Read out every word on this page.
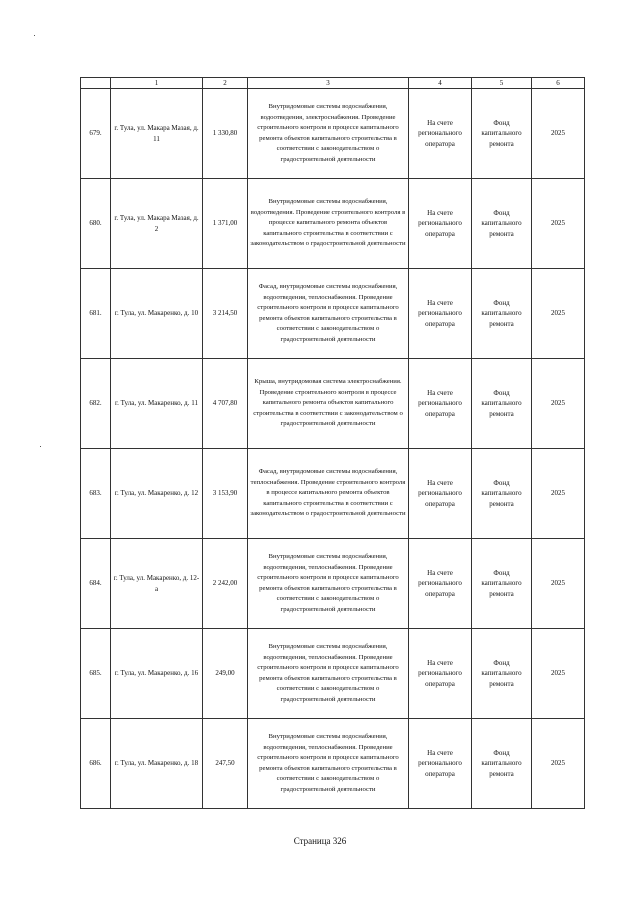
	1	2	3	4	5	6
679.	г. Тула, ул. Макара Мазая, д. 11	1 330,80	Внутридомовые системы водоснабжения, водоотведения, электроснабжения. Проведение строительного контроля в процессе капитального ремонта объектов капитального строительства в соответствии с законодательством о градостроительной деятельности	На счете регионального оператора	Фонд капитального ремонта	2025
680.	г. Тула, ул. Макара Мазая, д. 2	1 371,00	Внутридомовые системы водоснабжения, водоотведения. Проведение строительного контроля в процессе капитального ремонта объектов капитального строительства в соответствии с законодательством о градостроительной деятельности	На счете регионального оператора	Фонд капитального ремонта	2025
681.	г. Тула, ул. Макаренко, д. 10	3 214,50	Фасад, внутридомовые системы водоснабжения, водоотведения, теплоснабжения. Проведение строительного контроля в процессе капитального ремонта объектов капитального строительства в соответствии с законодательством о градостроительной деятельности	На счете регионального оператора	Фонд капитального ремонта	2025
682.	г. Тула, ул. Макаренко, д. 11	4 707,80	Крыша, внутридомовая система электроснабжения. Проведение строительного контроля в процессе капитального ремонта объектов капитального строительства в соответствии с законодательством о градостроительной деятельности	На счете регионального оператора	Фонд капитального ремонта	2025
683.	г. Тула, ул. Макаренко, д. 12	3 153,90	Фасад, внутридомовые системы водоснабжения, теплоснабжения. Проведение строительного контроля в процессе капитального ремонта объектов капитального строительства в соответствии с законодательством о градостроительной деятельности	На счете регионального оператора	Фонд капитального ремонта	2025
684.	г. Тула, ул. Макаренко, д. 12-а	2 242,00	Внутридомовые системы водоснабжения, водоотведения, теплоснабжения. Проведение строительного контроля в процессе капитального ремонта объектов капитального строительства в соответствии с законодательством о градостроительной деятельности	На счете регионального оператора	Фонд капитального ремонта	2025
685.	г. Тула, ул. Макаренко, д. 16	249,00	Внутридомовые системы водоснабжения, водоотведения, теплоснабжения. Проведение строительного контроля в процессе капитального ремонта объектов капитального строительства в соответствии с законодательством о градостроительной деятельности	На счете регионального оператора	Фонд капитального ремонта	2025
686.	г. Тула, ул. Макаренко, д. 18	247,50	Внутридомовые системы водоснабжения, водоотведения, теплоснабжения. Проведение строительного контроля в процессе капитального ремонта объектов капитального строительства в соответствии с законодательством о градостроительной деятельности	На счете регионального оператора	Фонд капитального ремонта	2025
Страница 326
